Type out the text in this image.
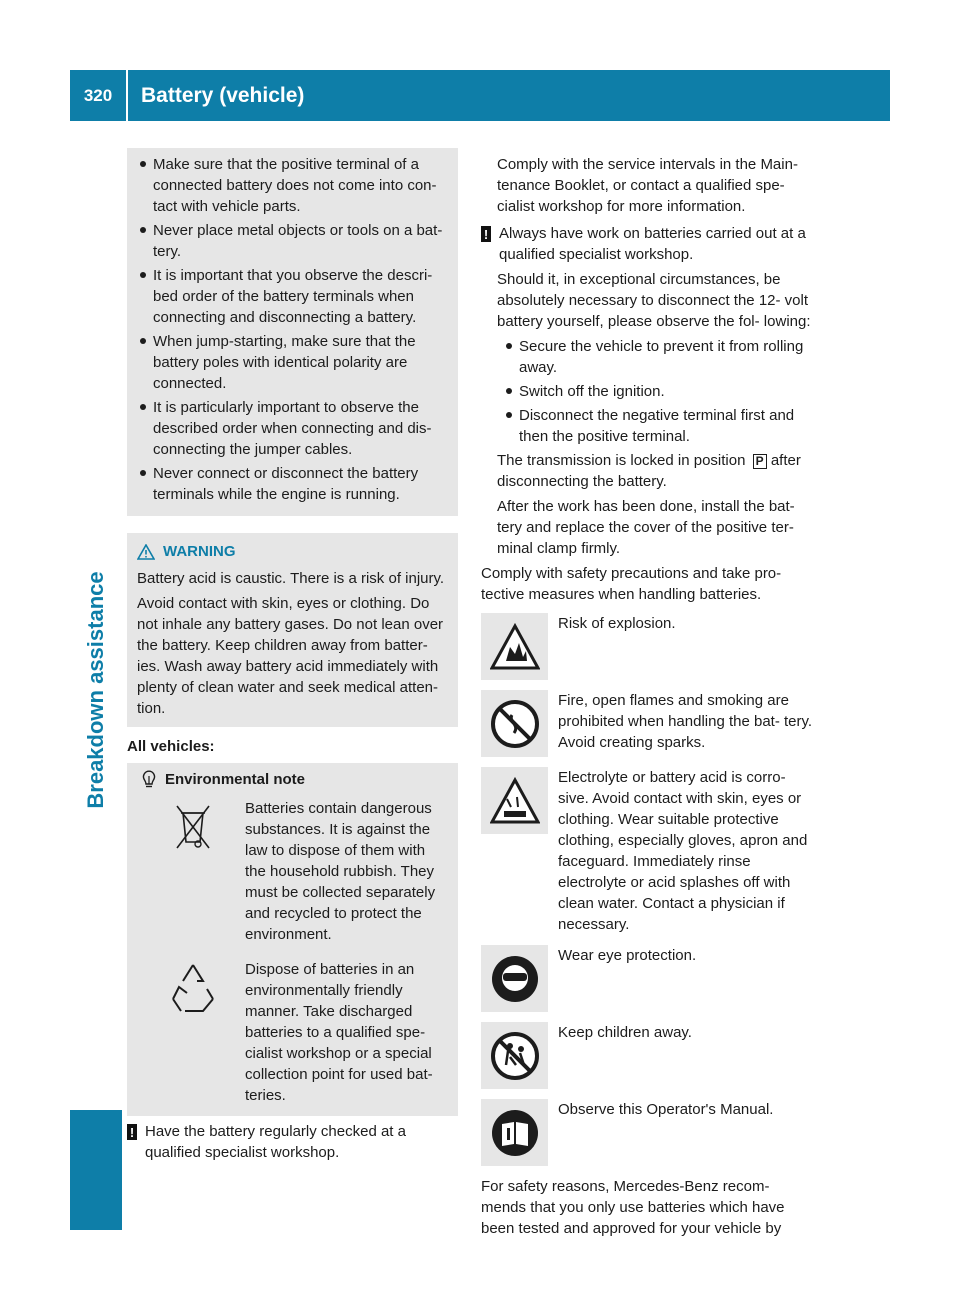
320	Battery (vehicle)
Breakdown assistance
Make sure that the positive terminal of a connected battery does not come into con- tact with vehicle parts.
Never place metal objects or tools on a bat- tery.
It is important that you observe the descri- bed order of the battery terminals when connecting and disconnecting a battery.
When jump-starting, make sure that the battery poles with identical polarity are connected.
It is particularly important to observe the described order when connecting and dis- connecting the jumper cables.
Never connect or disconnect the battery terminals while the engine is running.
WARNING

Battery acid is caustic. There is a risk of injury.

Avoid contact with skin, eyes or clothing. Do not inhale any battery gases. Do not lean over the battery. Keep children away from batter- ies. Wash away battery acid immediately with plenty of clean water and seek medical atten- tion.

All vehicles:
Environmental note
Batteries contain dangerous substances. It is against the law to dispose of them with the household rubbish. They must be collected separately and recycled to protect the environment.
Dispose of batteries in an environmentally friendly manner. Take discharged batteries to a qualified spe- cialist workshop or a special collection point for used bat- teries.
! Have the battery regularly checked at a qualified specialist workshop.

Comply with the service intervals in the Main- tenance Booklet, or contact a qualified spe- cialist workshop for more information.

! Always have work on batteries carried out at a qualified specialist workshop.

Should it, in exceptional circumstances, be absolutely necessary to disconnect the 12- volt battery yourself, please observe the fol- lowing:

Secure the vehicle to prevent it from rolling away.
Switch off the ignition.
Disconnect the negative terminal first and then the positive terminal.

The transmission is locked in position P after disconnecting the battery.

After the work has been done, install the bat- tery and replace the cover of the positive ter- minal clamp firmly.

Comply with safety precautions and take pro- tective measures when handling batteries.

Risk of explosion.
Fire, open flames and smoking are prohibited when handling the bat- tery. Avoid creating sparks.
Electrolyte or battery acid is corro- sive. Avoid contact with skin, eyes or clothing. Wear suitable protective clothing, especially gloves, apron and faceguard. Immediately rinse electrolyte or acid splashes off with clean water. Contact a physician if necessary.
Wear eye protection.
Keep children away.
Observe this Operator's Manual.

For safety reasons, Mercedes-Benz recom- mends that you only use batteries which have been tested and approved for your vehicle by
